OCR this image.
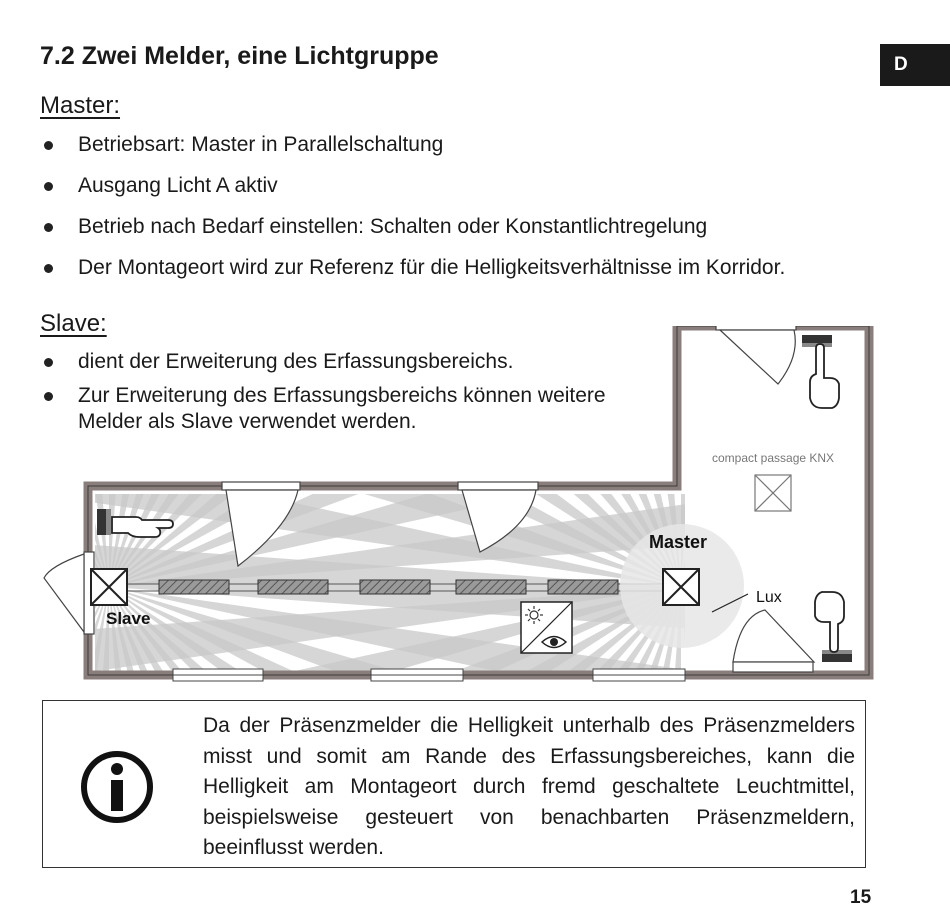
D
7.2 Zwei Melder, eine Lichtgruppe
Master:
Betriebsart: Master in Parallelschaltung
Ausgang Licht A aktiv
Betrieb nach Bedarf einstellen: Schalten oder Konstantlichtregelung
Der Montageort wird zur Referenz für die Helligkeitsverhältnisse im Korridor.
Slave:
dient der Erweiterung des Erfassungsbereichs.
Zur Erweiterung des Erfassungsbereichs können weitere Melder als Slave verwendet werden.
Slave
Master
Lux
compact passage KNX
Da der Präsenzmelder die Helligkeit unterhalb des Präsenzmelders misst und somit am Rande des Erfassungsbereiches, kann die Helligkeit am Montageort durch fremd geschaltete Leuchtmittel, beispielsweise gesteuert von benachbarten Präsenzmeldern, beeinflusst werden.
15
